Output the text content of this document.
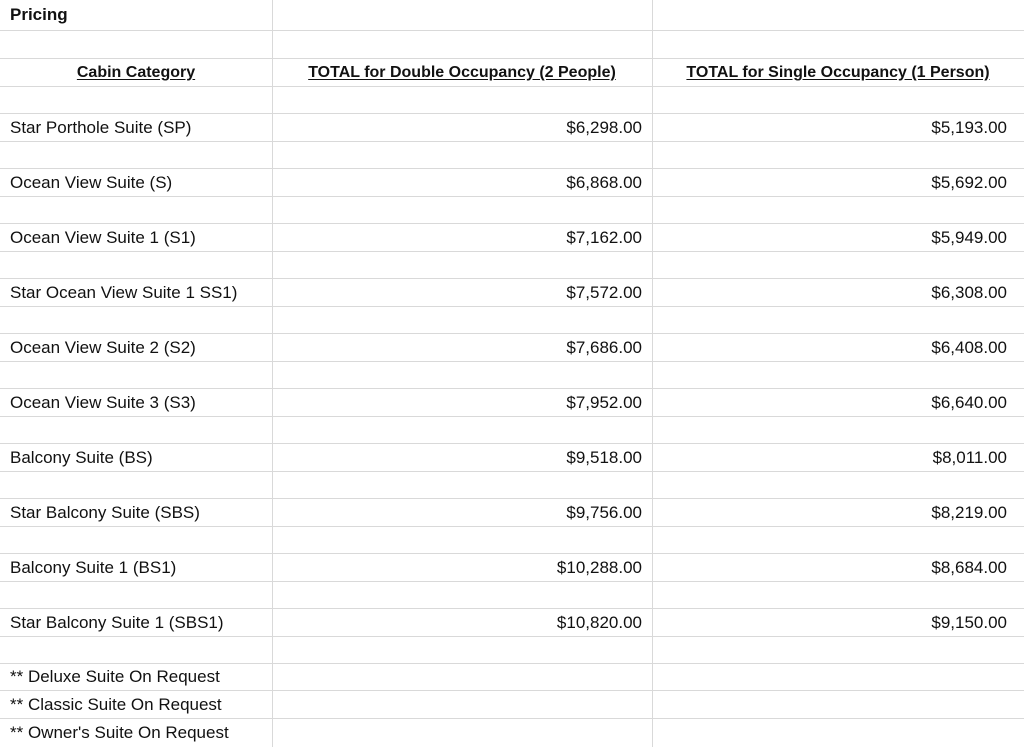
Pricing
Cabin Category	TOTAL for Double Occupancy (2 People)	TOTAL for Single Occupancy (1 Person)
Star Porthole Suite (SP)	$6,298.00	$5,193.00
Ocean View Suite (S)	$6,868.00	$5,692.00
Ocean View Suite 1 (S1)	$7,162.00	$5,949.00
Star Ocean View Suite 1 SS1)	$7,572.00	$6,308.00
Ocean View Suite 2 (S2)	$7,686.00	$6,408.00
Ocean View Suite 3 (S3)	$7,952.00	$6,640.00
Balcony Suite (BS)	$9,518.00	$8,011.00
Star Balcony Suite (SBS)	$9,756.00	$8,219.00
Balcony Suite 1 (BS1)	$10,288.00	$8,684.00
Star Balcony Suite 1 (SBS1)	$10,820.00	$9,150.00
** Deluxe Suite On Request
** Classic Suite On Request
** Owner's Suite On Request
